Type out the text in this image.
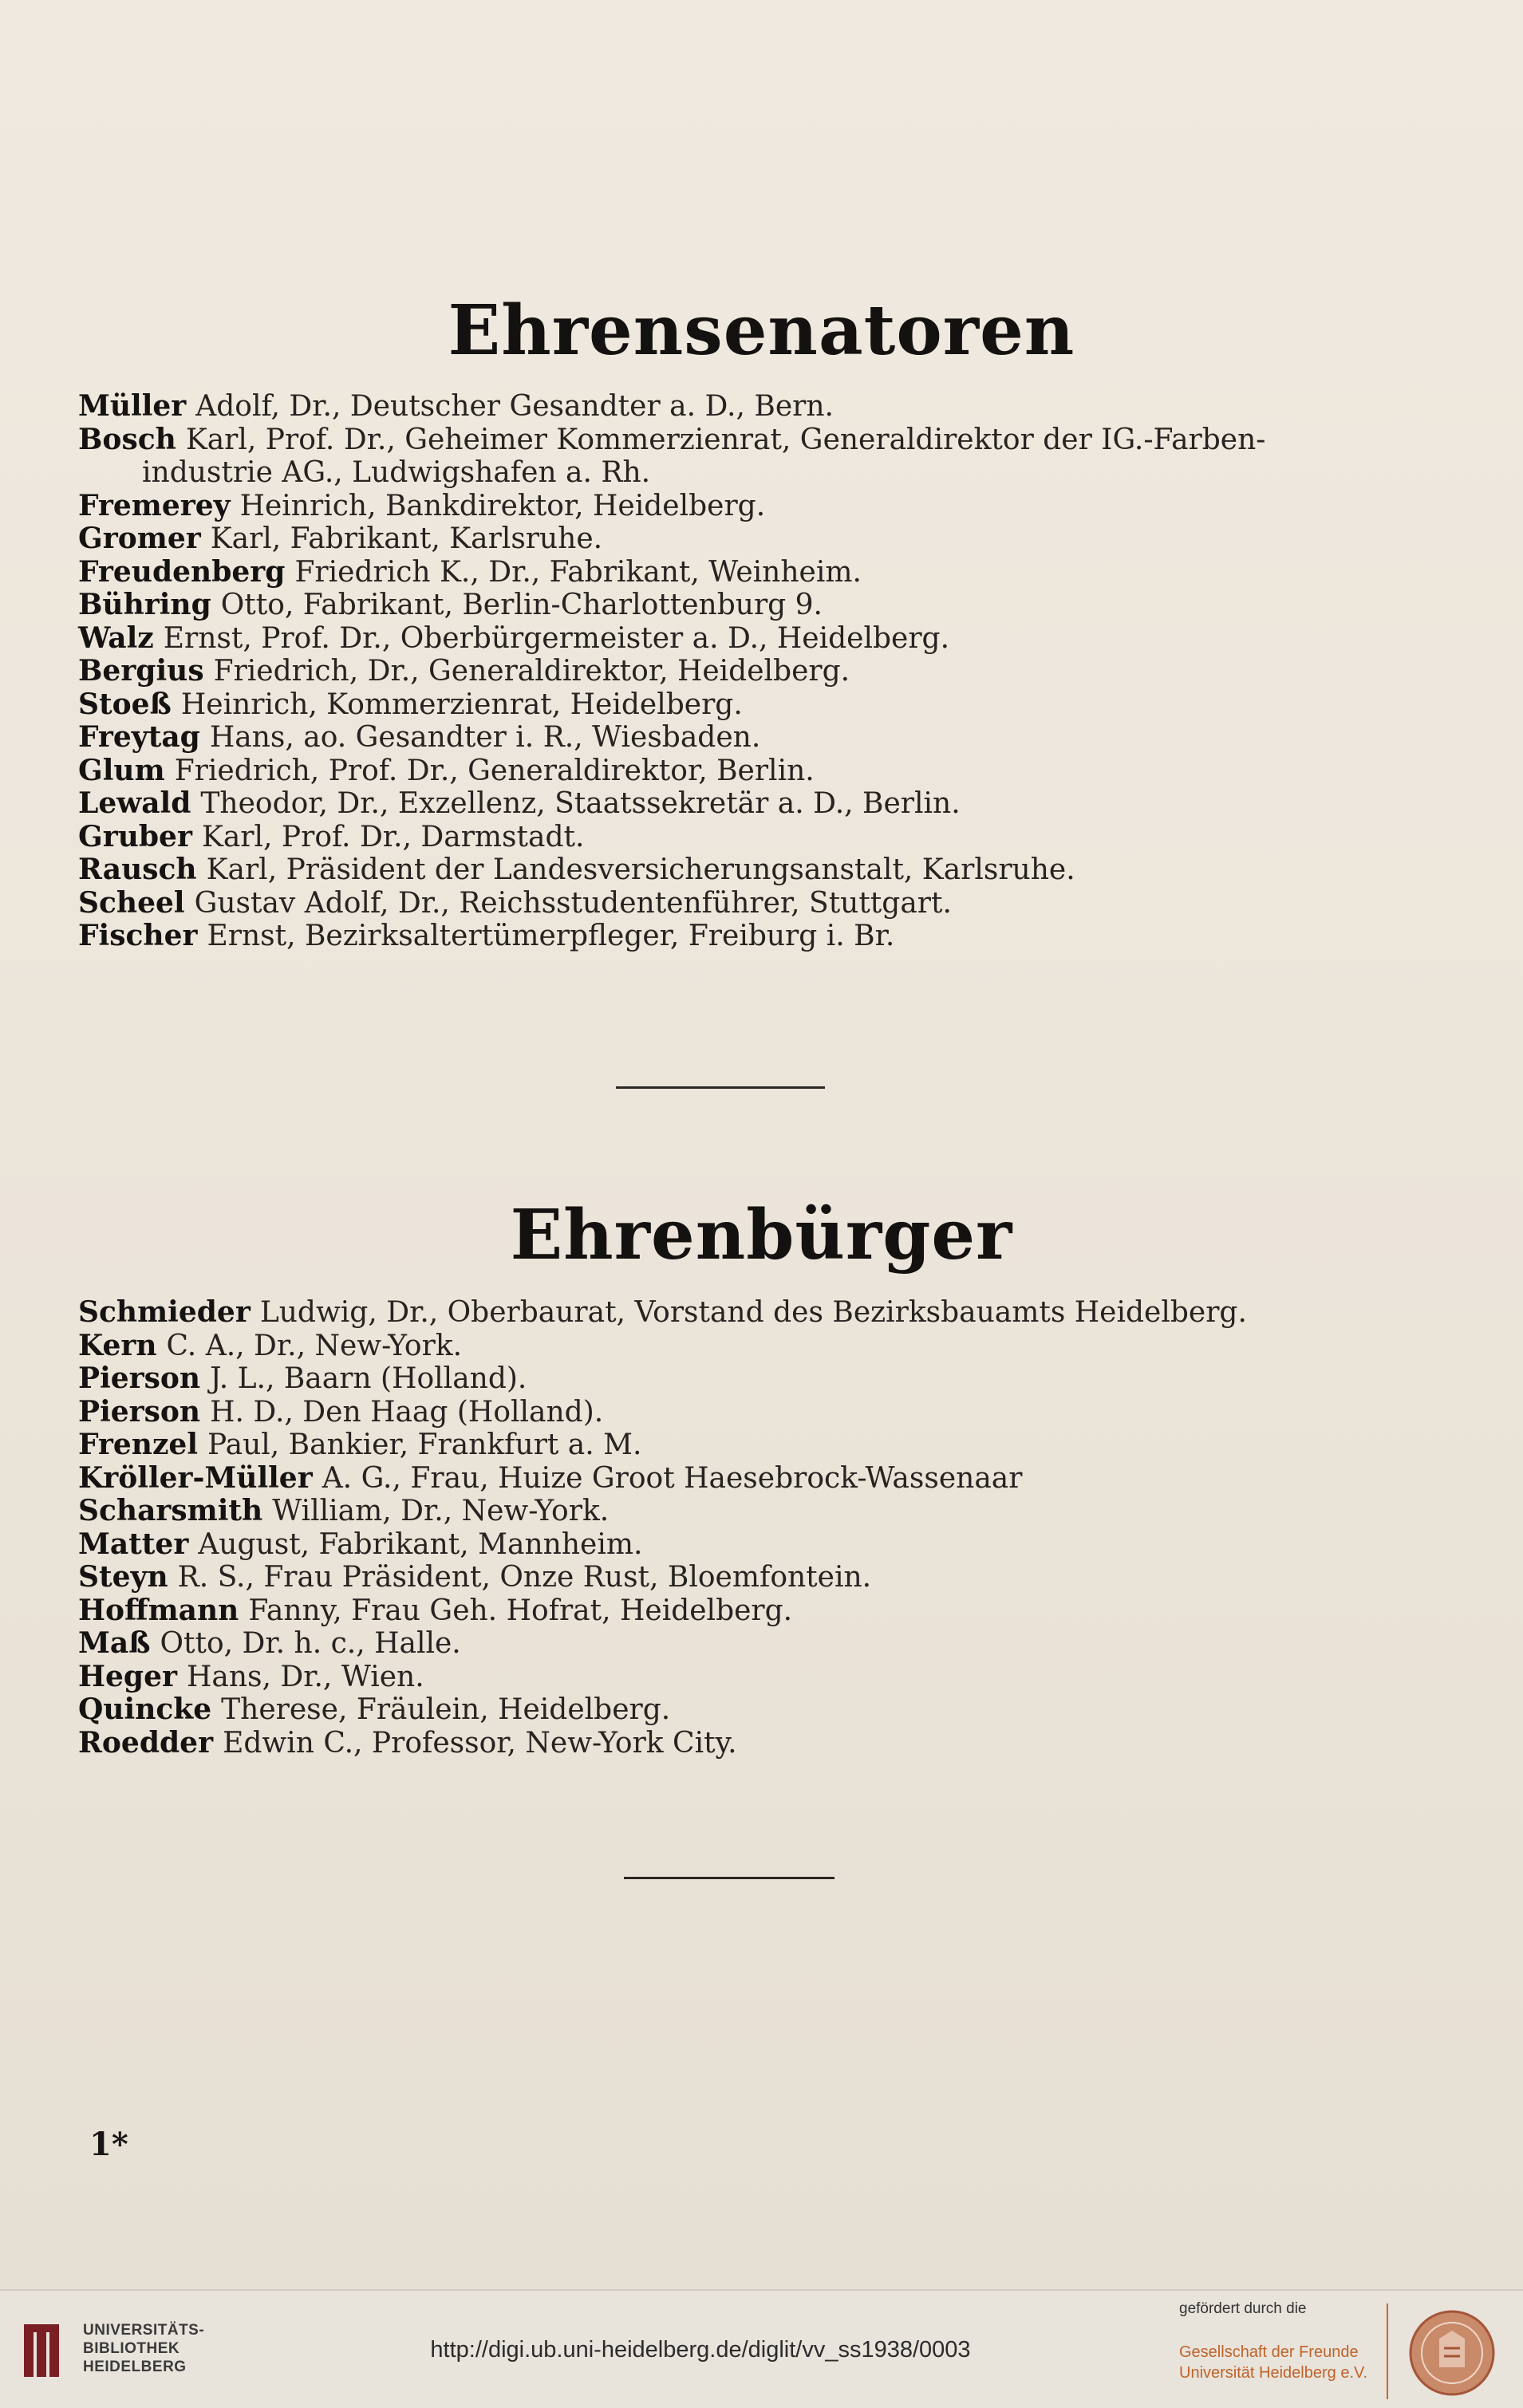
Ehrensenatoren
Müller Adolf, Dr., Deutscher Gesandter a. D., Bern.
Bosch Karl, Prof. Dr., Geheimer Kommerzienrat, Generaldirektor der IG.-Farben-
industrie AG., Ludwigshafen a. Rh.
Fremerey Heinrich, Bankdirektor, Heidelberg.
Gromer Karl, Fabrikant, Karlsruhe.
Freudenberg Friedrich K., Dr., Fabrikant, Weinheim.
Bühring Otto, Fabrikant, Berlin-Charlottenburg 9.
Walz Ernst, Prof. Dr., Oberbürgermeister a. D., Heidelberg.
Bergius Friedrich, Dr., Generaldirektor, Heidelberg.
Stoeß Heinrich, Kommerzienrat, Heidelberg.
Freytag Hans, ao. Gesandter i. R., Wiesbaden.
Glum Friedrich, Prof. Dr., Generaldirektor, Berlin.
Lewald Theodor, Dr., Exzellenz, Staatssekretär a. D., Berlin.
Gruber Karl, Prof. Dr., Darmstadt.
Rausch Karl, Präsident der Landesversicherungsanstalt, Karlsruhe.
Scheel Gustav Adolf, Dr., Reichsstudentenführer, Stuttgart.
Fischer Ernst, Bezirksaltertümerpfleger, Freiburg i. Br.
Ehrenbürger
Schmieder Ludwig, Dr., Oberbaurat, Vorstand des Bezirksbauamts Heidelberg.
Kern C. A., Dr., New-York.
Pierson J. L., Baarn (Holland).
Pierson H. D., Den Haag (Holland).
Frenzel Paul, Bankier, Frankfurt a. M.
Kröller-Müller A. G., Frau, Huize Groot Haesebrock-Wassenaar
Scharsmith William, Dr., New-York.
Matter August, Fabrikant, Mannheim.
Steyn R. S., Frau Präsident, Onze Rust, Bloemfontein.
Hoffmann Fanny, Frau Geh. Hofrat, Heidelberg.
Maß Otto, Dr. h. c., Halle.
Heger Hans, Dr., Wien.
Quincke Therese, Fräulein, Heidelberg.
Roedder Edwin C., Professor, New-York City.
1*
UNIVERSITÄTS-
BIBLIOTHEK
HEIDELBERG
http://digi.ub.uni-heidelberg.de/diglit/vv_ss1938/0003
gefördert durch die
Gesellschaft der Freunde
Universität Heidelberg e.V.
